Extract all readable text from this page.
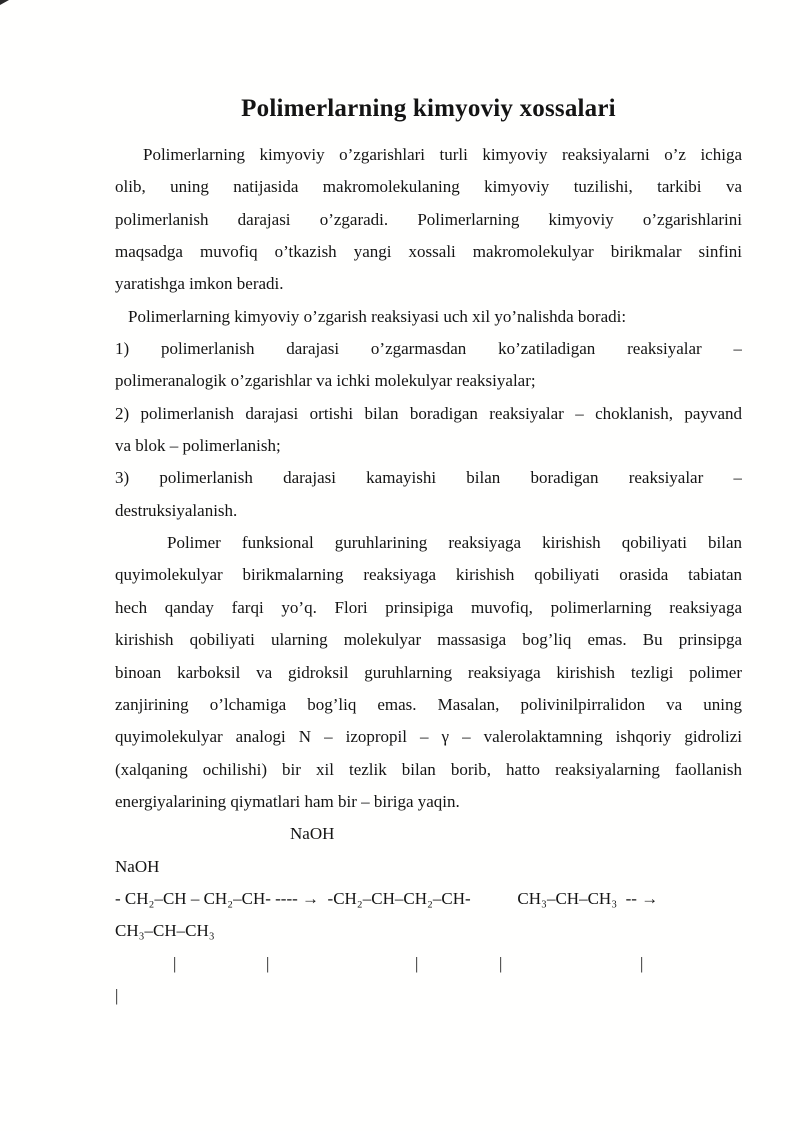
Polimerlarning kimyoviy xossalari
Polimerlarning kimyoviy o’zgarishlari turli kimyoviy reaksiyalarni o’z ichiga
olib, uning natijasida makromolekulaning kimyoviy tuzilishi, tarkibi va
polimerlanish darajasi o’zgaradi. Polimerlarning kimyoviy o’zgarishlarini
maqsadga muvofiq o’tkazish yangi xossali makromolekulyar birikmalar sinfini
yaratishga imkon beradi.
Polimerlarning kimyoviy o’zgarish reaksiyasi uch xil yo’nalishda boradi:
1) polimerlanish darajasi o’zgarmasdan ko’zatiladigan reaksiyalar –
polimeranalogik o’zgarishlar va ichki molekulyar reaksiyalar;
2) polimerlanish darajasi ortishi bilan boradigan reaksiyalar – choklanish, payvand
va blok – polimerlanish;
3) polimerlanish darajasi kamayishi bilan boradigan reaksiyalar –
destruksiyalanish.
Polimer funksional guruhlarining reaksiyaga kirishish qobiliyati bilan
quyimolekulyar birikmalarning reaksiyaga kirishish qobiliyati orasida tabiatan
hech qanday farqi yo’q. Flori prinsipiga muvofiq, polimerlarning reaksiyaga
kirishish qobiliyati ularning molekulyar massasiga bog’liq emas. Bu prinsipga
binoan karboksil va gidroksil guruhlarning reaksiyaga kirishish tezligi polimer
zanjirining o’lchamiga bog’liq emas. Masalan, polivinilpirralidon va uning
quyimolekulyar analogi N – izopropil – γ – valerolaktamning ishqoriy gidrolizi
(xalqaning ochilishi) bir xil tezlik bilan borib, hatto reaksiyalarning faollanish
energiyalarining qiymatlari ham bir – biriga yaqin.
NaOH
NaOH
- CH₂–CH – CH₂–CH- ---- →  -CH₂–CH–CH₂–CH-           CH₃–CH–CH₃  -- →
CH₃–CH–CH₃
|	|	|	|	|
|
